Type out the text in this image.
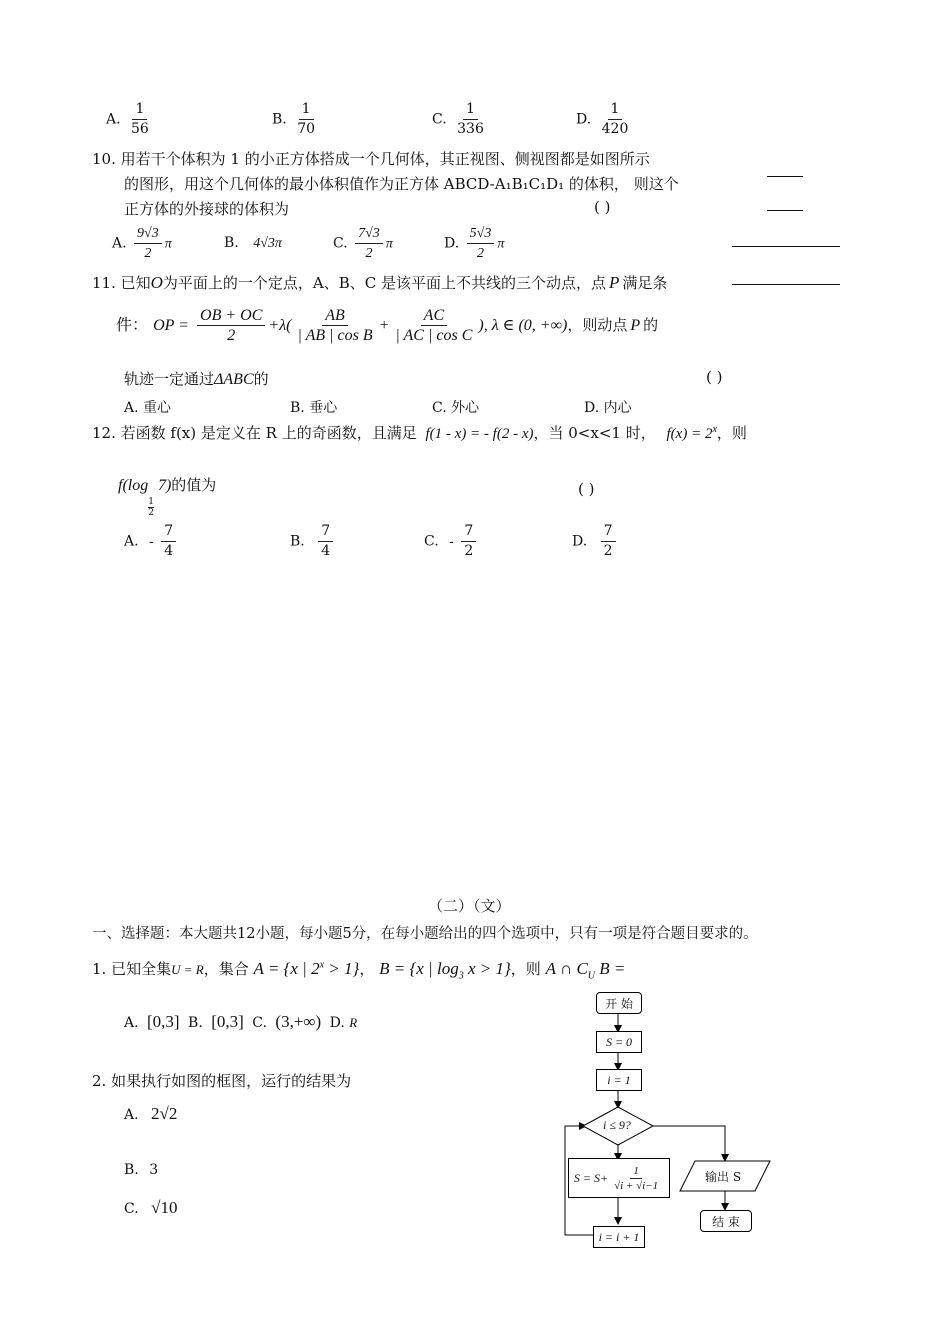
A. $\frac{1}{56}$	B. $\frac{1}{70}$	C. $\frac{1}{336}$	D. $\frac{1}{420}$
10. 用若干个体积为 1 的小正方体搭成一个几何体，其正视图、侧视图都是如图所示
的图形，用这个几何体的最小体积值作为正方体 ABCD-A₁B₁C₁D₁ 的体积， 则这个
正方体的外接球的体积为	( )
A. $\frac{9√3}{2}$ π	B. 4√3π	C. $\frac{7√3}{2}$ π	D. $\frac{5√3}{2}$ π
11. 已知O为平面上的一个定点，A、B、C 是该平面上不共线的三个动点，点 P 满足条
件： OP = $\frac{OB + OC}{2} +\lambda( \frac{AB}{\text{| AB | cos B}} + \frac{AC}{\text{| AC | cos C}}$ ), λ ∈ (0, +∞)，则动点 P 的
轨迹一定通过ΔABC的	( )
A. 重心	B. 垂心	C. 外心	D. 内心
12. 若函数 f(x) 是定义在 R 上的奇函数，且满足 f(1 - x) = - f(2 - x)，当 0<x<1 时， $f(x) = 2^x$，则
f(log
$\frac{1}{2}$
7)的值为	( )
A. - $\frac{7}{4}$	B. $\frac{7}{4}$	C. - $\frac{7}{2}$	D. $\frac{7}{2}$
（二）（文）
一、选择题：本大题共12小题，每小题5分，在每小题给出的四个选项中，只有一项是符合题目要求的。
1. 已知全集U = R，集合 A = {x | $2^x > 1$}， B = {x | $\log_3 x > 1$}，则 A ∩ $C_U$ B =
A. [0,3] B. [0,3] C. (3,+∞) D. R
2. 如果执行如图的框图，运行的结果为
A. 2√2
B. 3
C. √10
开 始
S = 0
i = 1
i ≤ 9?
$S = S+ \frac{1}{√i + √i-1}$	输出 S
结 束
i = i + 1
